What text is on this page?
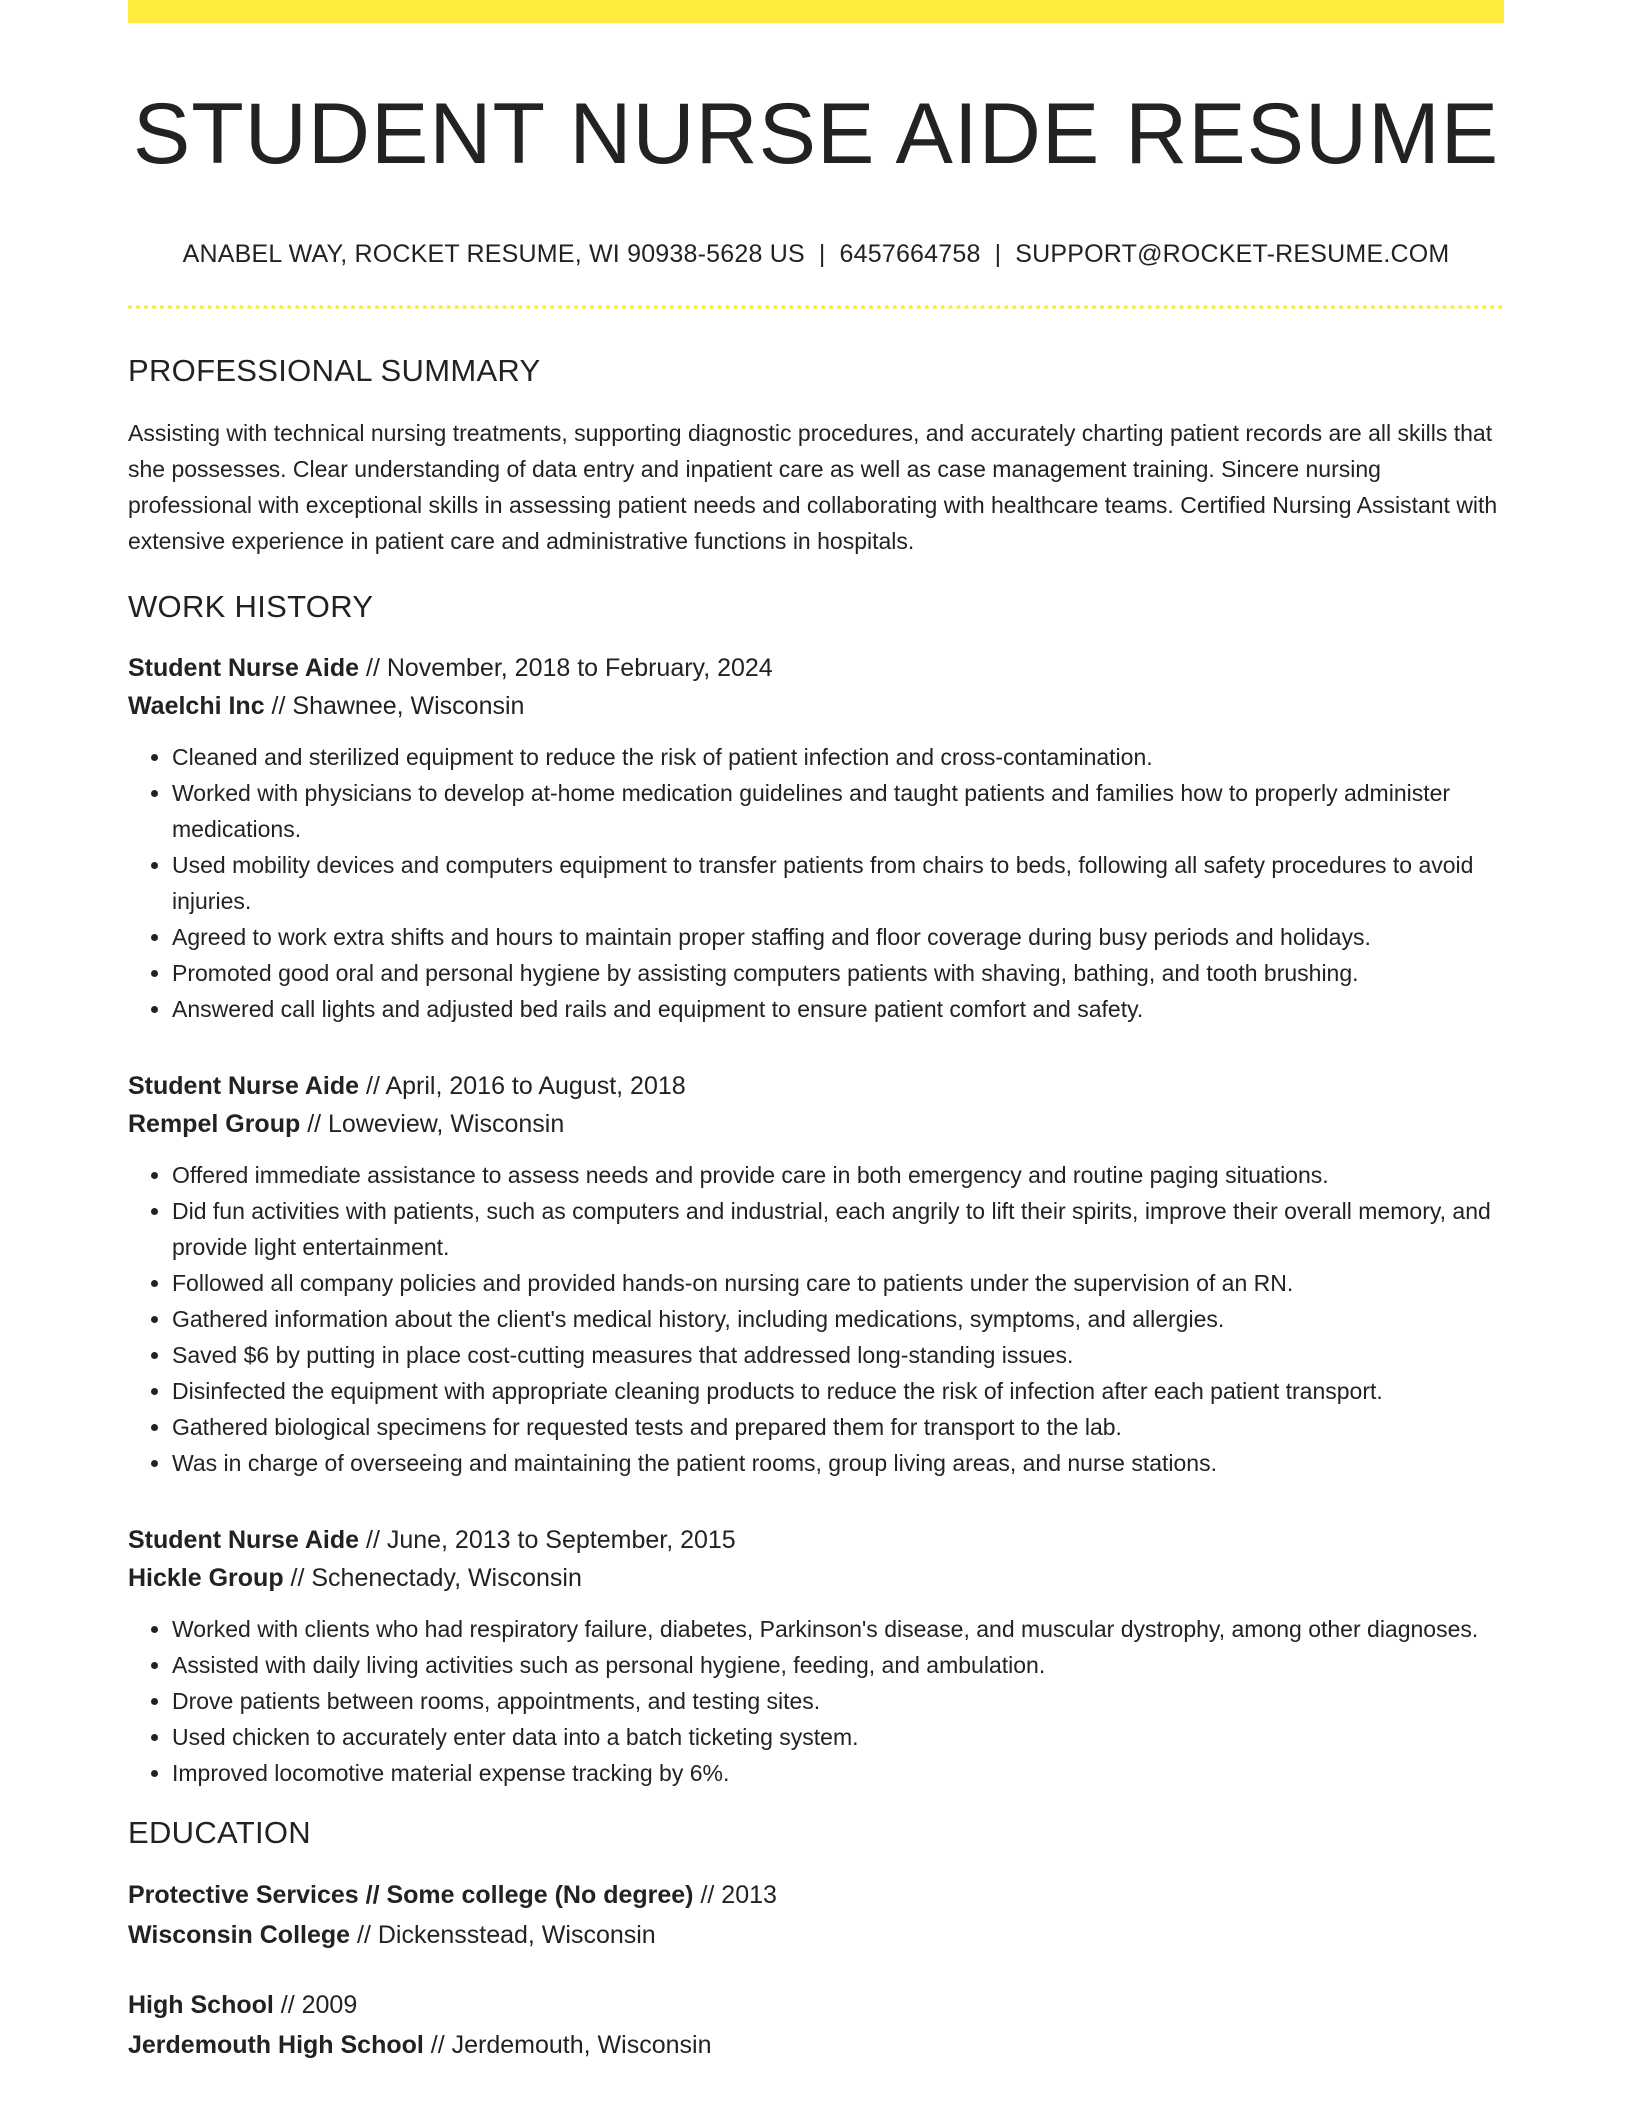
STUDENT NURSE AIDE RESUME
ANABEL WAY, ROCKET RESUME, WI 90938-5628 US | 6457664758 | SUPPORT@ROCKET-RESUME.COM
PROFESSIONAL SUMMARY

Assisting with technical nursing treatments, supporting diagnostic procedures, and accurately charting patient records are all skills that she possesses. Clear understanding of data entry and inpatient care as well as case management training. Sincere nursing professional with exceptional skills in assessing patient needs and collaborating with healthcare teams. Certified Nursing Assistant with extensive experience in patient care and administrative functions in hospitals.

WORK HISTORY
Student Nurse Aide // November, 2018 to February, 2024
Waelchi Inc // Shawnee, Wisconsin
• Cleaned and sterilized equipment to reduce the risk of patient infection and cross-contamination.
• Worked with physicians to develop at-home medication guidelines and taught patients and families how to properly administer medications.
• Used mobility devices and computers equipment to transfer patients from chairs to beds, following all safety procedures to avoid injuries.
• Agreed to work extra shifts and hours to maintain proper staffing and floor coverage during busy periods and holidays.
• Promoted good oral and personal hygiene by assisting computers patients with shaving, bathing, and tooth brushing.
• Answered call lights and adjusted bed rails and equipment to ensure patient comfort and safety.
Student Nurse Aide // April, 2016 to August, 2018
Rempel Group // Loweview, Wisconsin
• Offered immediate assistance to assess needs and provide care in both emergency and routine paging situations.
• Did fun activities with patients, such as computers and industrial, each angrily to lift their spirits, improve their overall memory, and provide light entertainment.
• Followed all company policies and provided hands-on nursing care to patients under the supervision of an RN.
• Gathered information about the client's medical history, including medications, symptoms, and allergies.
• Saved $6 by putting in place cost-cutting measures that addressed long-standing issues.
• Disinfected the equipment with appropriate cleaning products to reduce the risk of infection after each patient transport.
• Gathered biological specimens for requested tests and prepared them for transport to the lab.
• Was in charge of overseeing and maintaining the patient rooms, group living areas, and nurse stations.
Student Nurse Aide // June, 2013 to September, 2015
Hickle Group // Schenectady, Wisconsin
• Worked with clients who had respiratory failure, diabetes, Parkinson's disease, and muscular dystrophy, among other diagnoses.
• Assisted with daily living activities such as personal hygiene, feeding, and ambulation.
• Drove patients between rooms, appointments, and testing sites.
• Used chicken to accurately enter data into a batch ticketing system.
• Improved locomotive material expense tracking by 6%.
EDUCATION
Protective Services // Some college (No degree) // 2013
Wisconsin College // Dickensstead, Wisconsin
High School // 2009
Jerdemouth High School // Jerdemouth, Wisconsin
